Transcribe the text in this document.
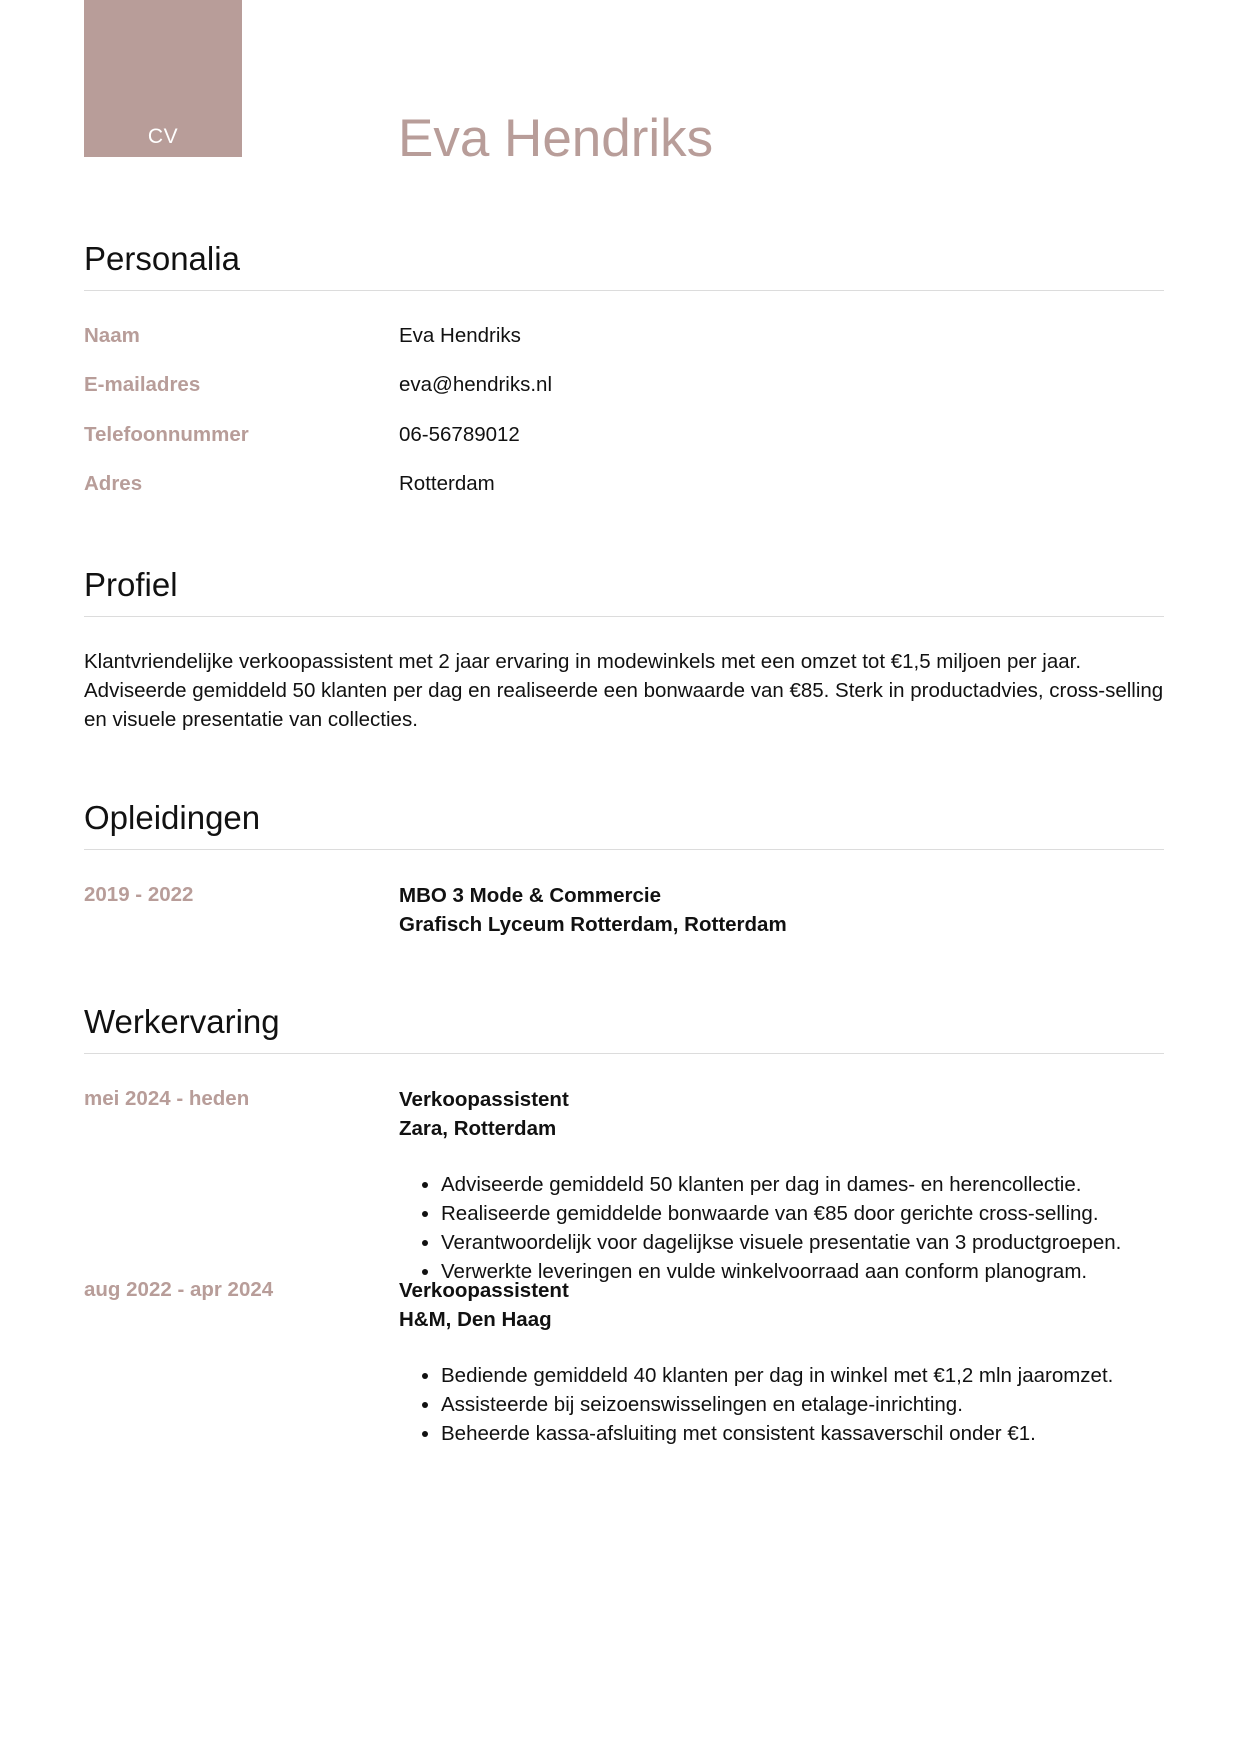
CV	Eva Hendriks
Personalia
Naam	Eva Hendriks
E-mailadres	eva@hendriks.nl
Telefoonnummer	06-56789012
Adres	Rotterdam
Profiel
Klantvriendelijke verkoopassistent met 2 jaar ervaring in modewinkels met een omzet tot €1,5 miljoen per jaar. Adviseerde gemiddeld 50 klanten per dag en realiseerde een bonwaarde van €85. Sterk in productadvies, cross-selling en visuele presentatie van collecties.
Opleidingen
2019 - 2022	MBO 3 Mode & Commercie
Grafisch Lyceum Rotterdam, Rotterdam
Werkervaring
mei 2024 - heden	Verkoopassistent
Zara, Rotterdam
• Adviseerde gemiddeld 50 klanten per dag in dames- en herencollectie.
• Realiseerde gemiddelde bonwaarde van €85 door gerichte cross-selling.
• Verantwoordelijk voor dagelijkse visuele presentatie van 3 productgroepen.
• Verwerkte leveringen en vulde winkelvoorraad aan conform planogram.
aug 2022 - apr 2024	Verkoopassistent
H&M, Den Haag
• Bediende gemiddeld 40 klanten per dag in winkel met €1,2 mln jaaromzet.
• Assisteerde bij seizoenswisselingen en etalage-inrichting.
• Beheerde kassa-afsluiting met consistent kassaverschil onder €1.
